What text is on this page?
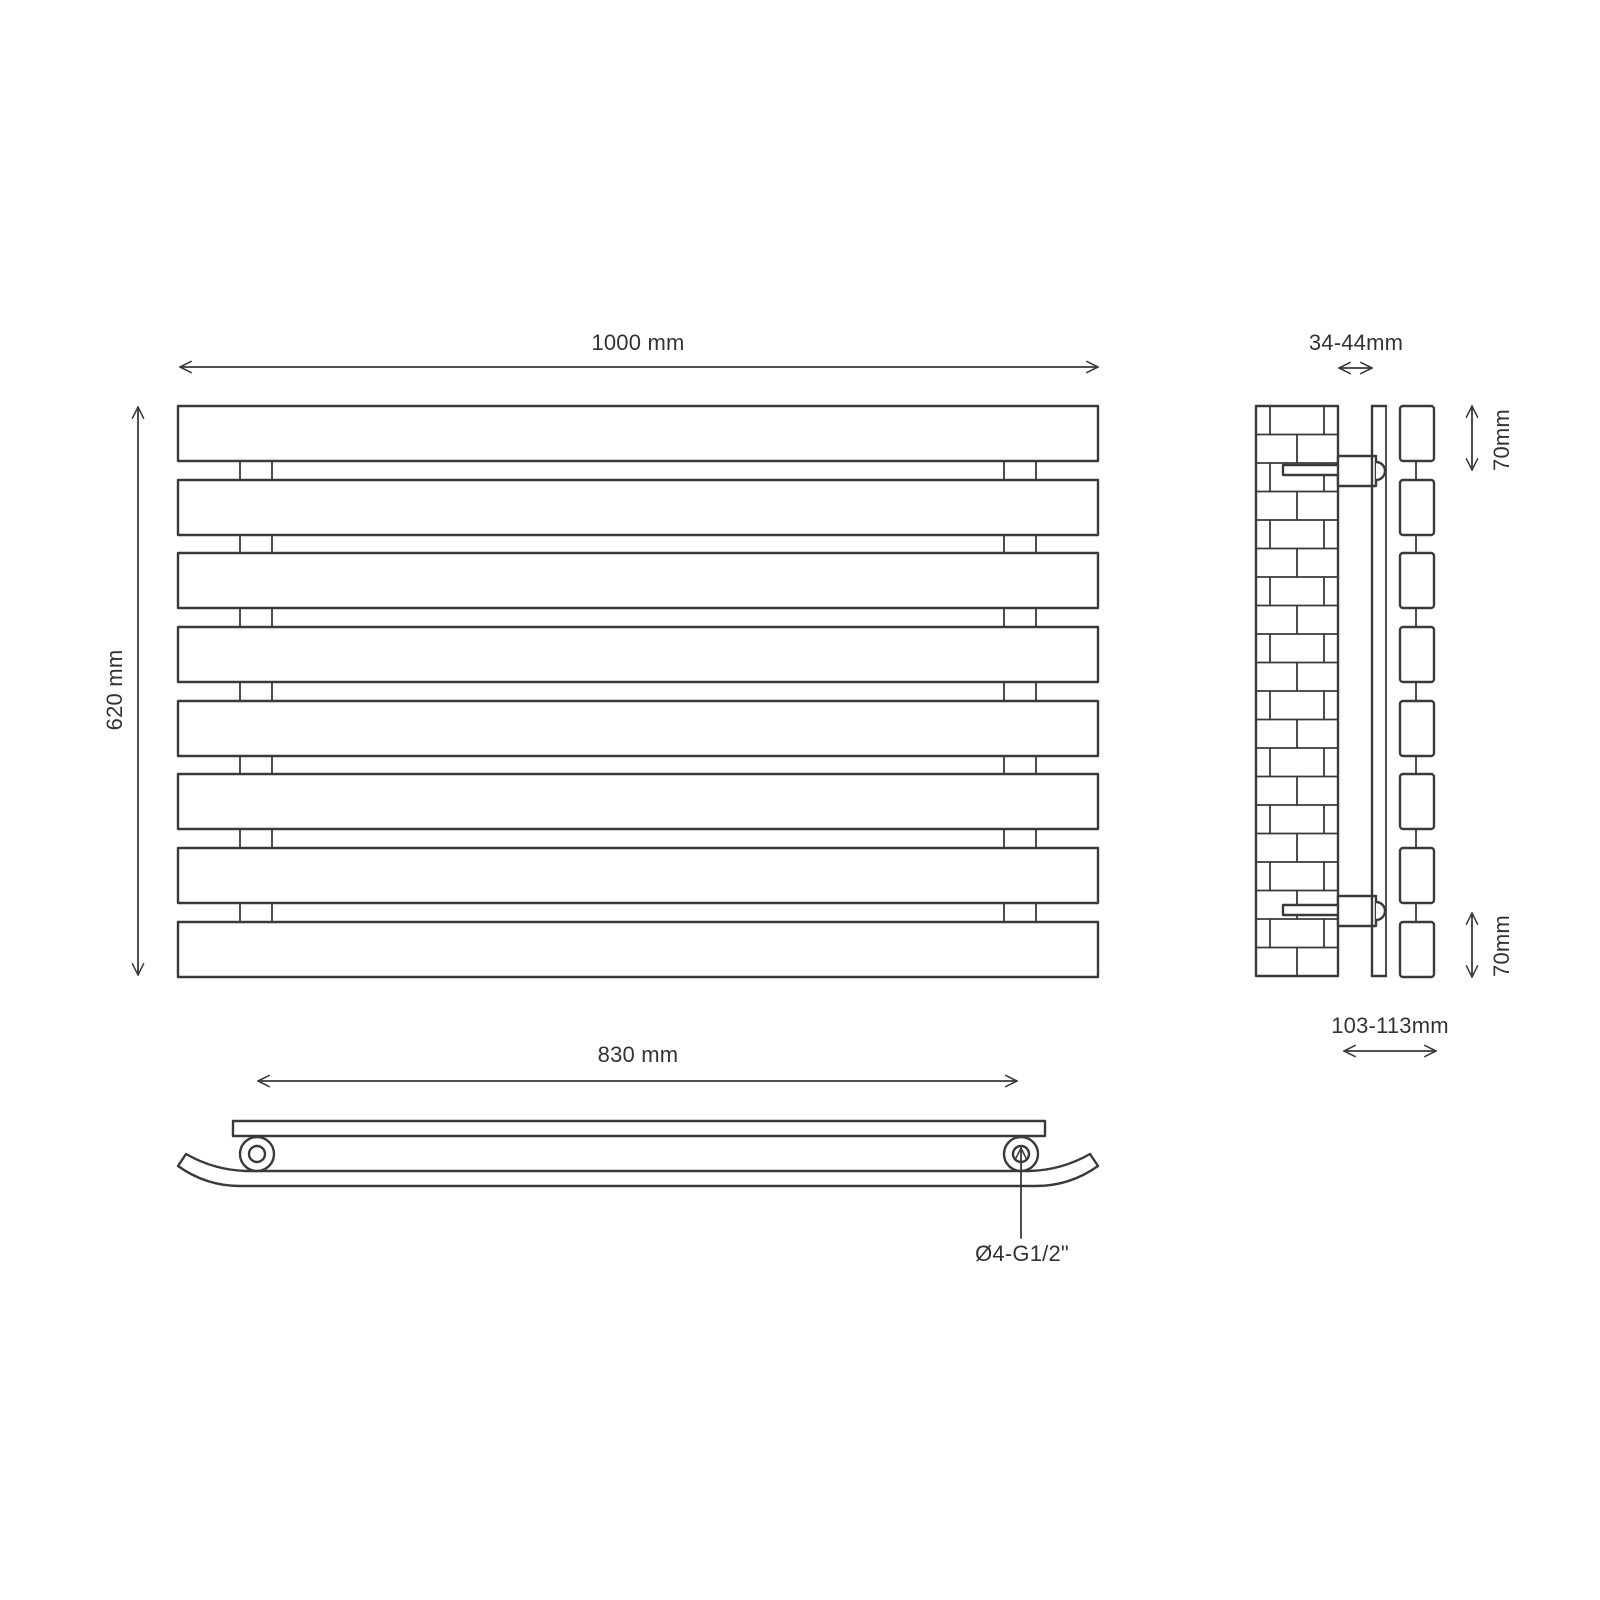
1000 mm
620 mm
34-44mm
70mm
70mm
103-113mm
830 mm
Ø4-G1/2"
